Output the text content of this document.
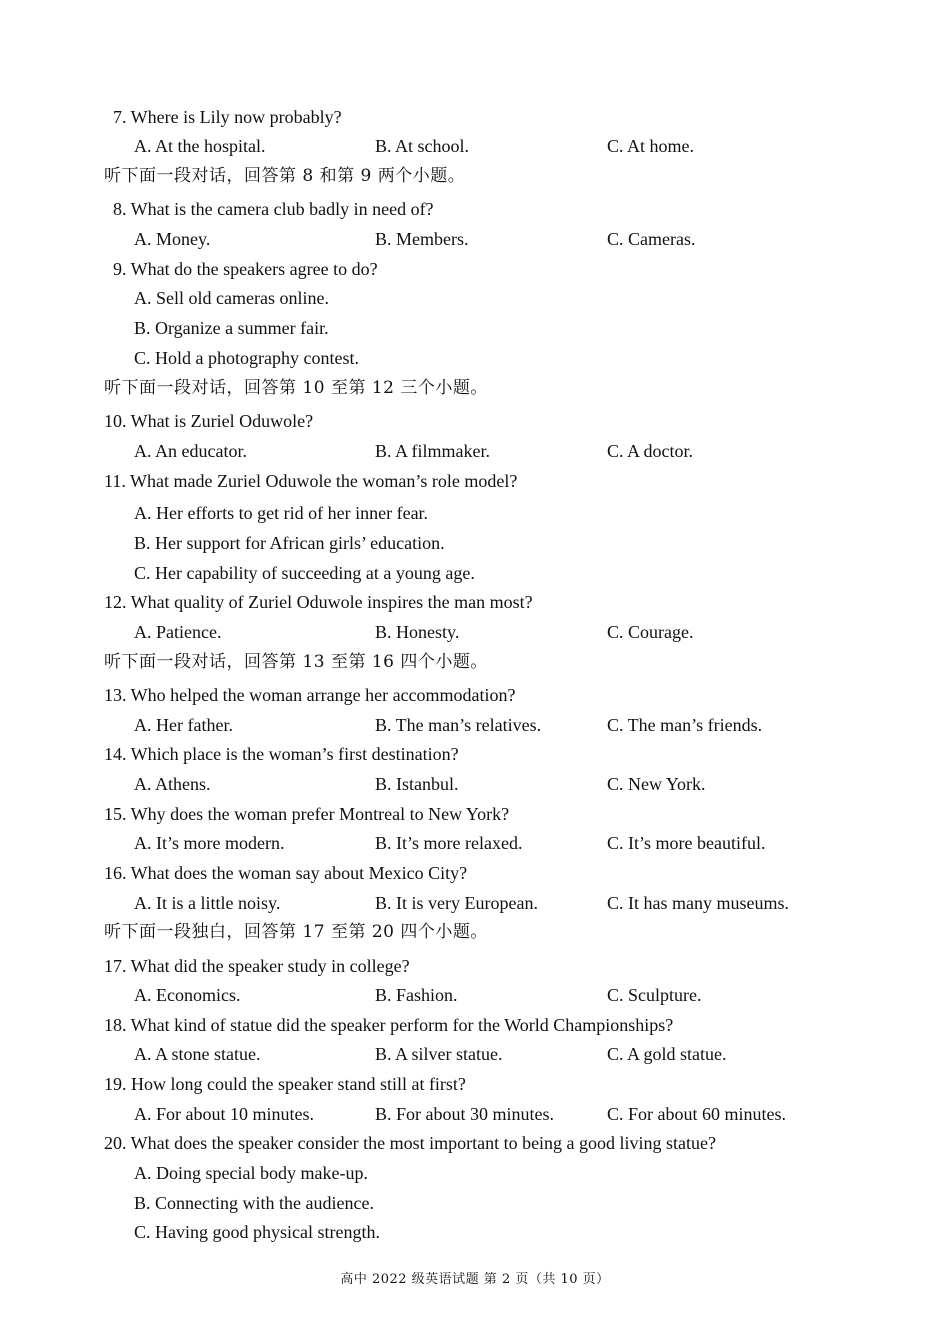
7. Where is Lily now probably?
A. At the hospital.	B. At school.	C. At home.
听下面一段对话，回答第 8 和第 9 两个小题。
8. What is the camera club badly in need of?
A. Money.	B. Members.	C. Cameras.
9. What do the speakers agree to do?
A. Sell old cameras online.
B. Organize a summer fair.
C. Hold a photography contest.
听下面一段对话，回答第 10 至第 12 三个小题。
10. What is Zuriel Oduwole?
A. An educator.	B. A filmmaker.	C. A doctor.
11. What made Zuriel Oduwole the woman’s role model?
A. Her efforts to get rid of her inner fear.
B. Her support for African girls’ education.
C. Her capability of succeeding at a young age.
12. What quality of Zuriel Oduwole inspires the man most?
A. Patience.	B. Honesty.	C. Courage.
听下面一段对话，回答第 13 至第 16 四个小题。
13. Who helped the woman arrange her accommodation?
A. Her father.	B. The man’s relatives.	C. The man’s friends.
14. Which place is the woman’s first destination?
A. Athens.	B. Istanbul.	C. New York.
15. Why does the woman prefer Montreal to New York?
A. It’s more modern.	B. It’s more relaxed.	C. It’s more beautiful.
16. What does the woman say about Mexico City?
A. It is a little noisy.	B. It is very European.	C. It has many museums.
听下面一段独白，回答第 17 至第 20 四个小题。
17. What did the speaker study in college?
A. Economics.	B. Fashion.	C. Sculpture.
18. What kind of statue did the speaker perform for the World Championships?
A. A stone statue.	B. A silver statue.	C. A gold statue.
19. How long could the speaker stand still at first?
A. For about 10 minutes.	B. For about 30 minutes.	C. For about 60 minutes.
20. What does the speaker consider the most important to being a good living statue?
A. Doing special body make-up.
B. Connecting with the audience.
C. Having good physical strength.
高中 2022 级英语试题 第 2 页（共 10 页）
